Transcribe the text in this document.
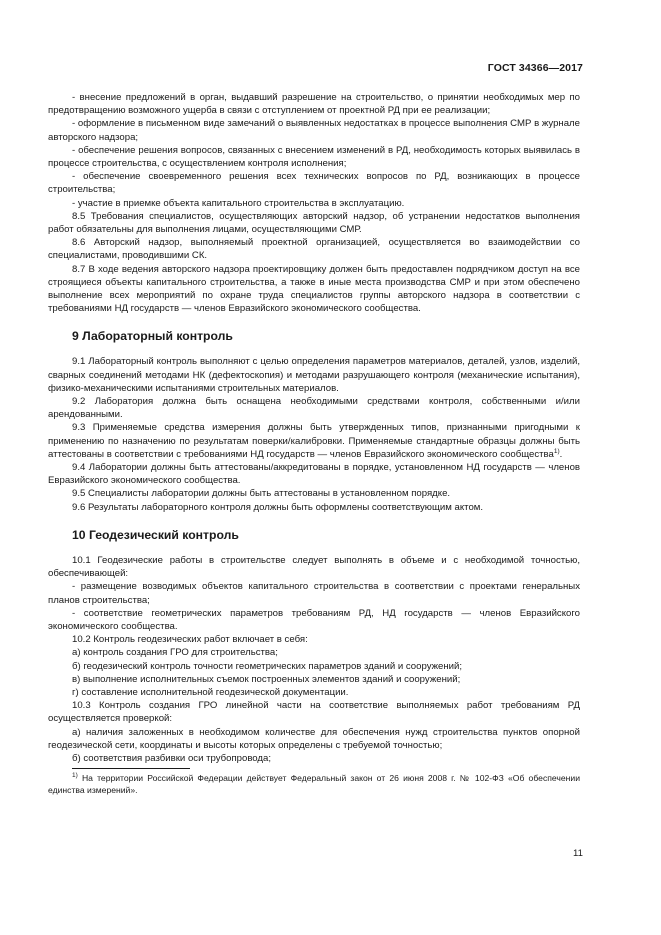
ГОСТ 34366—2017

- внесение предложений в орган, выдавший разрешение на строительство, о принятии необходимых мер по предотвращению возможного ущерба в связи с отступлением от проектной РД при ее реализации;

- оформление в письменном виде замечаний о выявленных недостатках в процессе выполнения СМР в журнале авторского надзора;

- обеспечение решения вопросов, связанных с внесением изменений в РД, необходимость которых выявилась в процессе строительства, с осуществлением контроля исполнения;

- обеспечение своевременного решения всех технических вопросов по РД, возникающих в процессе строительства;

- участие в приемке объекта капитального строительства в эксплуатацию.

8.5 Требования специалистов, осуществляющих авторский надзор, об устранении недостатков выполнения работ обязательны для выполнения лицами, осуществляющими СМР.

8.6 Авторский надзор, выполняемый проектной организацией, осуществляется во взаимодействии со специалистами, проводившими СК.

8.7 В ходе ведения авторского надзора проектировщику должен быть предоставлен подрядчиком доступ на все строящиеся объекты капитального строительства, а также в иные места производства СМР и при этом обеспечено выполнение всех мероприятий по охране труда специалистов группы авторского надзора в соответствии с требованиями НД государств — членов Евразийского экономического сообщества.

9 Лабораторный контроль

9.1 Лабораторный контроль выполняют с целью определения параметров материалов, деталей, узлов, изделий, сварных соединений методами НК (дефектоскопия) и методами разрушающего контроля (механические испытания), физико-механическими испытаниями строительных материалов.

9.2 Лаборатория должна быть оснащена необходимыми средствами контроля, собственными и/или арендованными.

9.3 Применяемые средства измерения должны быть утвержденных типов, признанными пригодными к применению по назначению по результатам поверки/калибровки. Применяемые стандартные образцы должны быть аттестованы в соответствии с требованиями НД государств — членов Евразийского экономического сообщества$^{1)}$.

9.4 Лаборатории должны быть аттестованы/аккредитованы в порядке, установленном НД государств — членов Евразийского экономического сообщества.

9.5 Специалисты лаборатории должны быть аттестованы в установленном порядке.

9.6 Результаты лабораторного контроля должны быть оформлены соответствующим актом.

10 Геодезический контроль

10.1 Геодезические работы в строительстве следует выполнять в объеме и с необходимой точностью, обеспечивающей:

- размещение возводимых объектов капитального строительства в соответствии с проектами генеральных планов строительства;

- соответствие геометрических параметров требованиям РД, НД государств — членов Евразийского экономического сообщества.

10.2 Контроль геодезических работ включает в себя:

а) контроль создания ГРО для строительства;

б) геодезический контроль точности геометрических параметров зданий и сооружений;

в) выполнение исполнительных съемок построенных элементов зданий и сооружений;

г) составление исполнительной геодезической документации.

10.3 Контроль создания ГРО линейной части на соответствие выполняемых работ требованиям РД осуществляется проверкой:

а) наличия заложенных в необходимом количестве для обеспечения нужд строительства пунктов опорной геодезической сети, координаты и высоты которых определены с требуемой точностью;

б) соответствия разбивки оси трубопровода;

$^{1)}$ На территории Российской Федерации действует Федеральный закон от 26 июня 2008 г. № 102-ФЗ «Об обеспечении единства измерений».

11
